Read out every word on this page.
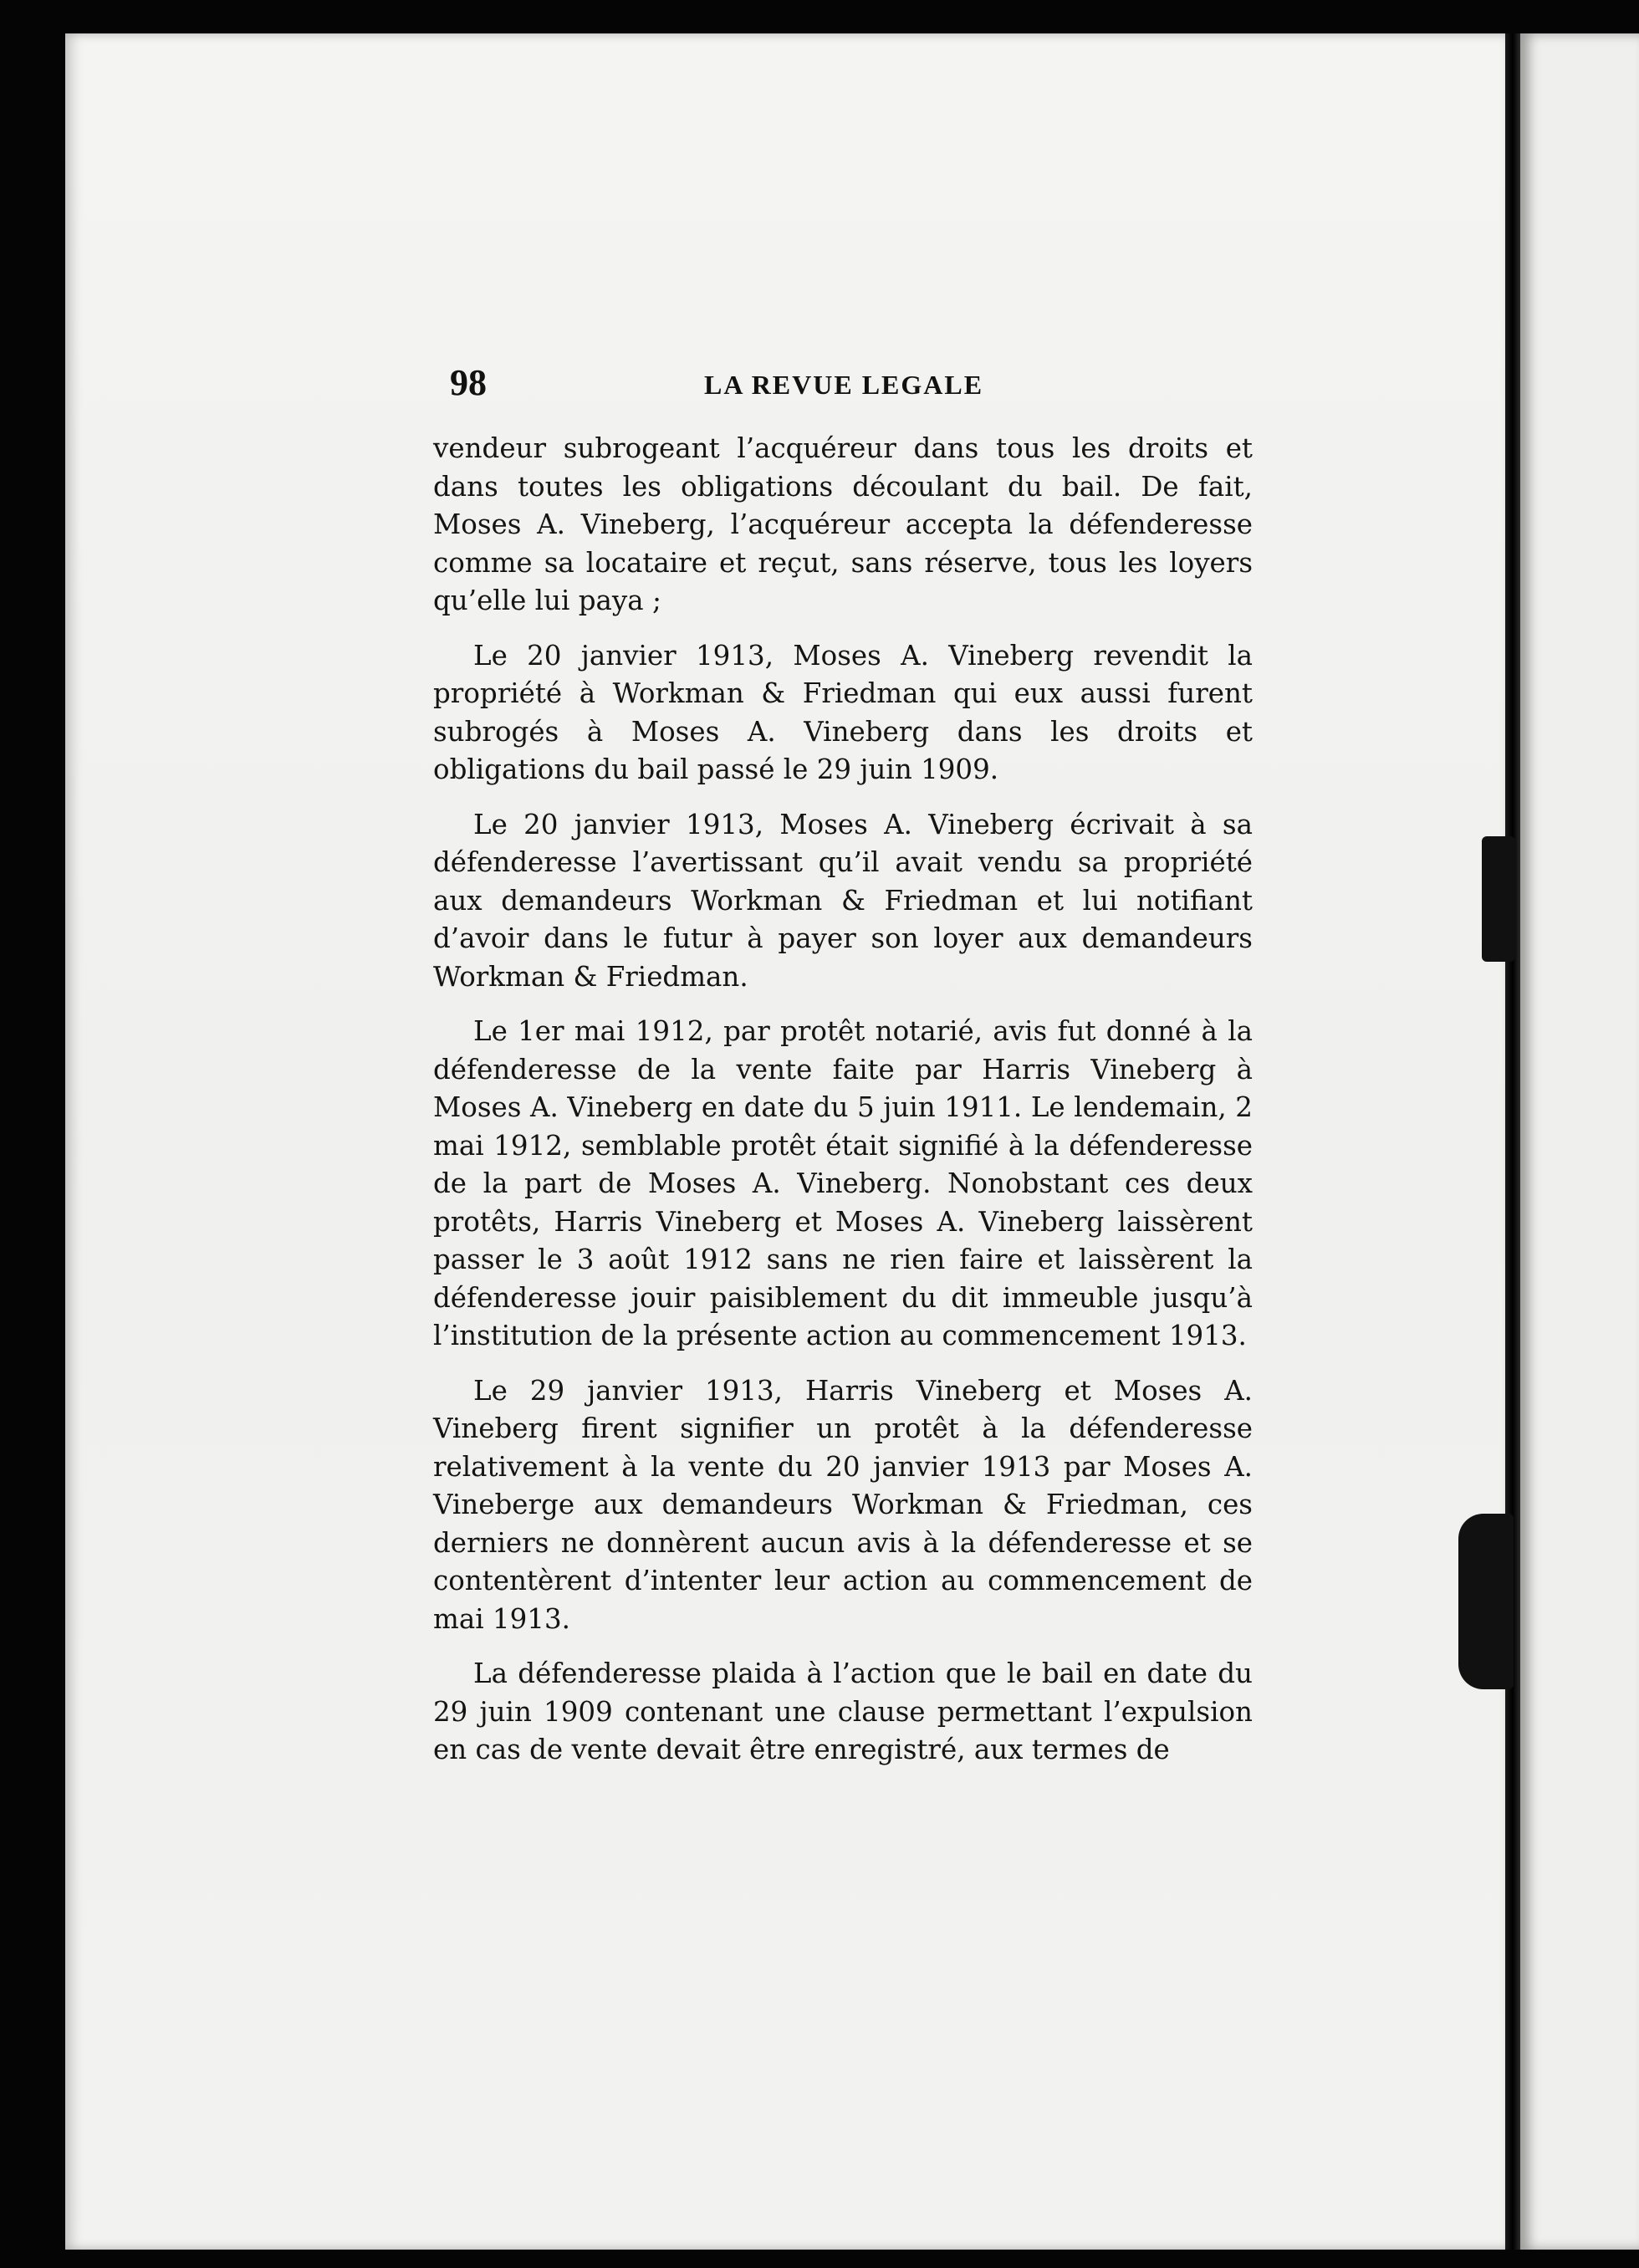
98	LA REVUE LEGALE

vendeur subrogeant l’acquéreur dans tous les droits et dans toutes les obligations découlant du bail. De fait, Moses A. Vineberg, l’acquéreur accepta la défenderesse comme sa locataire et reçut, sans réserve, tous les loyers qu’elle lui paya ;

Le 20 janvier 1913, Moses A. Vineberg revendit la propriété à Workman & Friedman qui eux aussi furent subrogés à Moses A. Vineberg dans les droits et obligations du bail passé le 29 juin 1909.

Le 20 janvier 1913, Moses A. Vineberg écrivait à sa défenderesse l’avertissant qu’il avait vendu sa propriété aux demandeurs Workman & Friedman et lui notifiant d’avoir dans le futur à payer son loyer aux demandeurs Workman & Friedman.

Le 1er mai 1912, par protêt notarié, avis fut donné à la défenderesse de la vente faite par Harris Vineberg à Moses A. Vineberg en date du 5 juin 1911. Le lendemain, 2 mai 1912, semblable protêt était signifié à la défenderesse de la part de Moses A. Vineberg. Nonobstant ces deux protêts, Harris Vineberg et Moses A. Vineberg laissèrent passer le 3 août 1912 sans ne rien faire et laissèrent la défenderesse jouir paisiblement du dit immeuble jusqu’à l’institution de la présente action au commencement 1913.

Le 29 janvier 1913, Harris Vineberg et Moses A. Vineberg firent signifier un protêt à la défenderesse relativement à la vente du 20 janvier 1913 par Moses A. Vineberge aux demandeurs Workman & Friedman, ces derniers ne donnèrent aucun avis à la défenderesse et se contentèrent d’intenter leur action au commencement de mai 1913.

La défenderesse plaida à l’action que le bail en date du 29 juin 1909 contenant une clause permettant l’expulsion en cas de vente devait être enregistré, aux termes de
